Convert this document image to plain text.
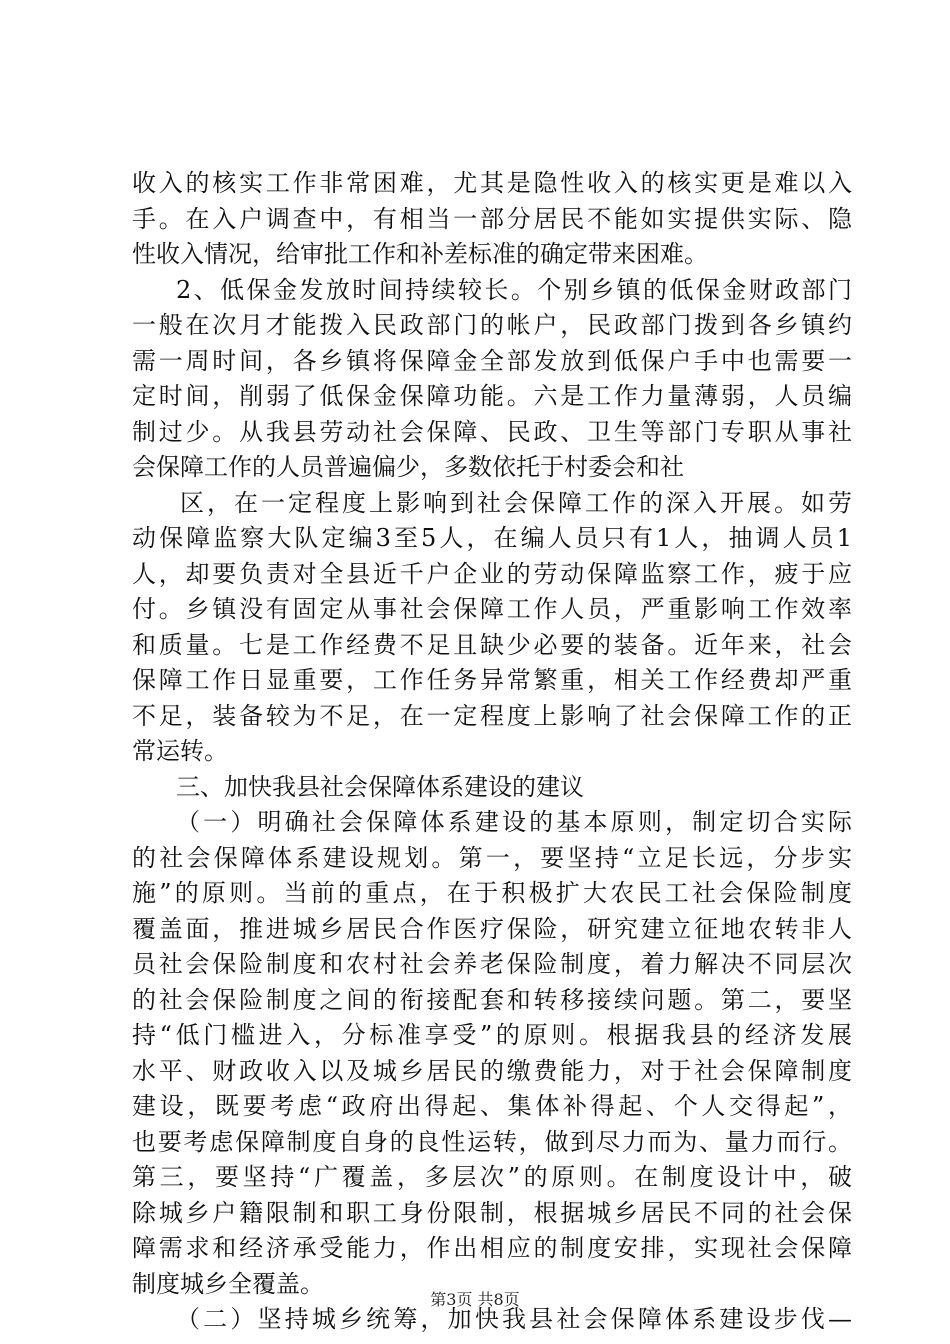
收入的核实工作非常困难，尤其是隐性收入的核实更是难以入
手。在入户调查中，有相当一部分居民不能如实提供实际、隐
性收入情况，给审批工作和补差标准的确定带来困难。
2、低保金发放时间持续较长。个别乡镇的低保金财政部门
一般在次月才能拨入民政部门的帐户，民政部门拨到各乡镇约
需一周时间，各乡镇将保障金全部发放到低保户手中也需要一
定时间，削弱了低保金保障功能。六是工作力量薄弱，人员编
制过少。从我县劳动社会保障、民政、卫生等部门专职从事社
会保障工作的人员普遍偏少，多数依托于村委会和社
区，在一定程度上影响到社会保障工作的深入开展。如劳
动保障监察大队定编3至5人，在编人员只有1人，抽调人员1
人，却要负责对全县近千户企业的劳动保障监察工作，疲于应
付。乡镇没有固定从事社会保障工作人员，严重影响工作效率
和质量。七是工作经费不足且缺少必要的装备。近年来，社会
保障工作日显重要，工作任务异常繁重，相关工作经费却严重
不足，装备较为不足，在一定程度上影响了社会保障工作的正
常运转。
三、加快我县社会保障体系建设的建议
（一）明确社会保障体系建设的基本原则，制定切合实际
的社会保障体系建设规划。第一，要坚持“立足长远，分步实
施”的原则。当前的重点，在于积极扩大农民工社会保险制度
覆盖面，推进城乡居民合作医疗保险，研究建立征地农转非人
员社会保险制度和农村社会养老保险制度，着力解决不同层次
的社会保险制度之间的衔接配套和转移接续问题。第二，要坚
持“低门槛进入，分标准享受”的原则。根据我县的经济发展
水平、财政收入以及城乡居民的缴费能力，对于社会保障制度
建设，既要考虑“政府出得起、集体补得起、个人交得起”，
也要考虑保障制度自身的良性运转，做到尽力而为、量力而行。
第三，要坚持“广覆盖，多层次”的原则。在制度设计中，破
除城乡户籍限制和职工身份限制，根据城乡居民不同的社会保
障需求和经济承受能力，作出相应的制度安排，实现社会保障
制度城乡全覆盖。
（二）坚持城乡统筹，加快我县社会保障体系建设步伐—
第3页 共8页
